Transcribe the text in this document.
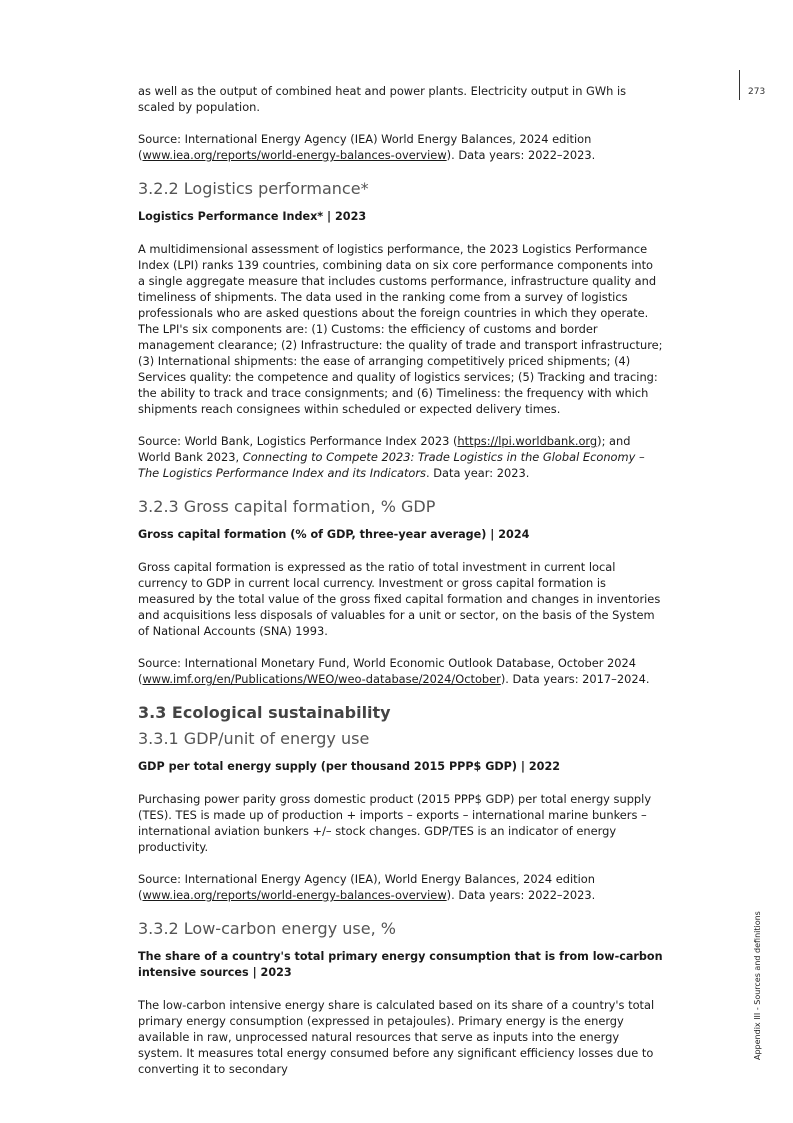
273
Appendix III - Sources and definitions

as well as the output of combined heat and power plants. Electricity output in GWh is scaled by population.

Source: International Energy Agency (IEA) World Energy Balances, 2024 edition (www.iea.org/reports/world-energy-balances-overview). Data years: 2022–2023.

3.2.2 Logistics performance*
Logistics Performance Index* | 2023

A multidimensional assessment of logistics performance, the 2023 Logistics Performance Index (LPI) ranks 139 countries, combining data on six core performance components into a single aggregate measure that includes customs performance, infrastructure quality and timeliness of shipments. The data used in the ranking come from a survey of logistics professionals who are asked questions about the foreign countries in which they operate. The LPI's six components are: (1) Customs: the efficiency of customs and border management clearance; (2) Infrastructure: the quality of trade and transport infrastructure; (3) International shipments: the ease of arranging competitively priced shipments; (4) Services quality: the competence and quality of logistics services; (5) Tracking and tracing: the ability to track and trace consignments; and (6) Timeliness: the frequency with which shipments reach consignees within scheduled or expected delivery times.

Source: World Bank, Logistics Performance Index 2023 (https://lpi.worldbank.org); and World Bank 2023, Connecting to Compete 2023: Trade Logistics in the Global Economy – The Logistics Performance Index and its Indicators. Data year: 2023.

3.2.3 Gross capital formation, % GDP
Gross capital formation (% of GDP, three-year average) | 2024

Gross capital formation is expressed as the ratio of total investment in current local currency to GDP in current local currency. Investment or gross capital formation is measured by the total value of the gross fixed capital formation and changes in inventories and acquisitions less disposals of valuables for a unit or sector, on the basis of the System of National Accounts (SNA) 1993.

Source: International Monetary Fund, World Economic Outlook Database, October 2024 (www.imf.org/en/Publications/WEO/weo-database/2024/October). Data years: 2017–2024.

3.3 Ecological sustainability
3.3.1 GDP/unit of energy use
GDP per total energy supply (per thousand 2015 PPP$ GDP) | 2022

Purchasing power parity gross domestic product (2015 PPP$ GDP) per total energy supply (TES). TES is made up of production + imports – exports – international marine bunkers – international aviation bunkers +/– stock changes. GDP/TES is an indicator of energy productivity.

Source: International Energy Agency (IEA), World Energy Balances, 2024 edition (www.iea.org/reports/world-energy-balances-overview). Data years: 2022–2023.

3.3.2 Low-carbon energy use, %
The share of a country's total primary energy consumption that is from low-carbon intensive sources | 2023

The low-carbon intensive energy share is calculated based on its share of a country's total primary energy consumption (expressed in petajoules). Primary energy is the energy available in raw, unprocessed natural resources that serve as inputs into the energy system. It measures total energy consumed before any significant efficiency losses due to converting it to secondary
